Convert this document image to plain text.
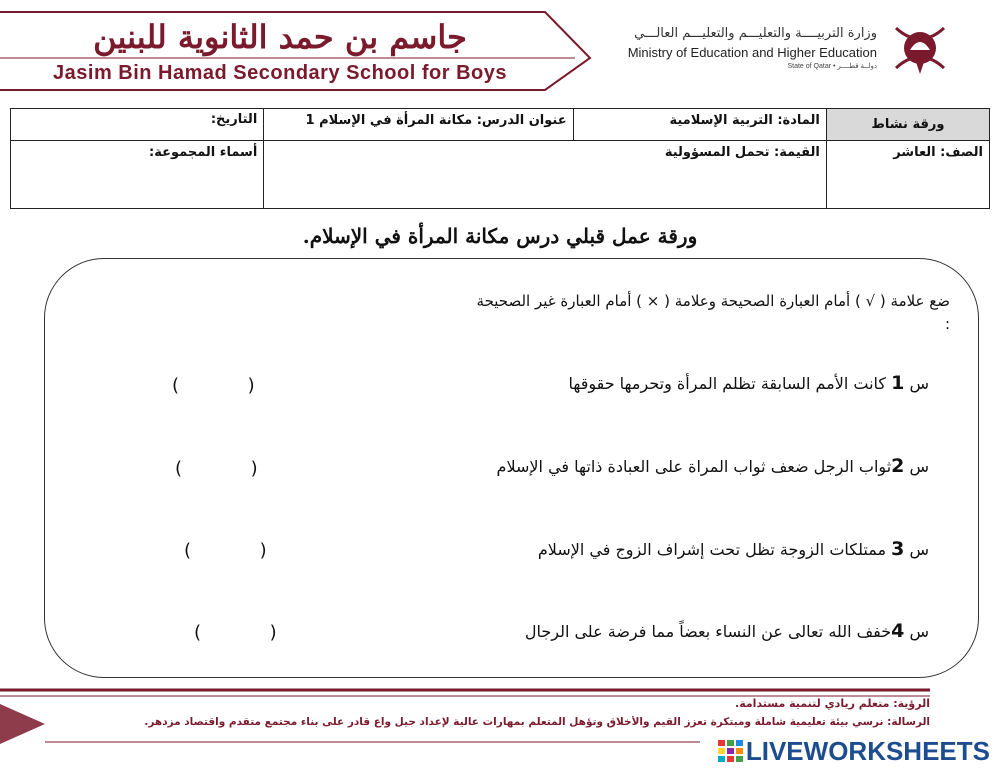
جاسم بن حمد الثانوية للبنين
Jasim Bin Hamad Secondary School for Boys
وزارة التربيــــة والتعليـــم والتعليـــم العالـــي
Ministry of Education and Higher Education
State of Qatar • دولــة قطــــر
ورقة نشاط	المادة: التربية الإسلامية	عنوان الدرس: مكانة المرأة في الإسلام 1	التاريخ:
الصف: العاشر	القيمة: تحمل المسؤولية		أسماء المجموعة:
ورقة عمل قبلي درس مكانة المرأة في الإسلام.
ضع علامة ( √ ) أمام العبارة الصحيحة وعلامة ( × ) أمام العبارة غير الصحيحة
:
س 1 كانت الأمم السابقة تظلم المرأة وتحرمها حقوقها
(            )
س 2ثواب الرجل ضعف ثواب المراة على العبادة ذاتها في الإسلام
(            )
س 3 ممتلكات الزوجة تظل تحت إشراف الزوج في الإسلام
(            )
س 4خفف الله تعالى عن النساء بعضاً مما فرضة على الرجال
(            )
الرؤية: متعلم ريادي لتنمية مستدامة.
الرسالة: نرسي بيئة تعليمية شاملة ومبتكرة تعزز القيم والأخلاق وتؤهل المتعلم بمهارات عالية لإعداد جيل واع قادر على بناء مجتمع متقدم واقتصاد مزدهر.
LIVEWORKSHEETS
